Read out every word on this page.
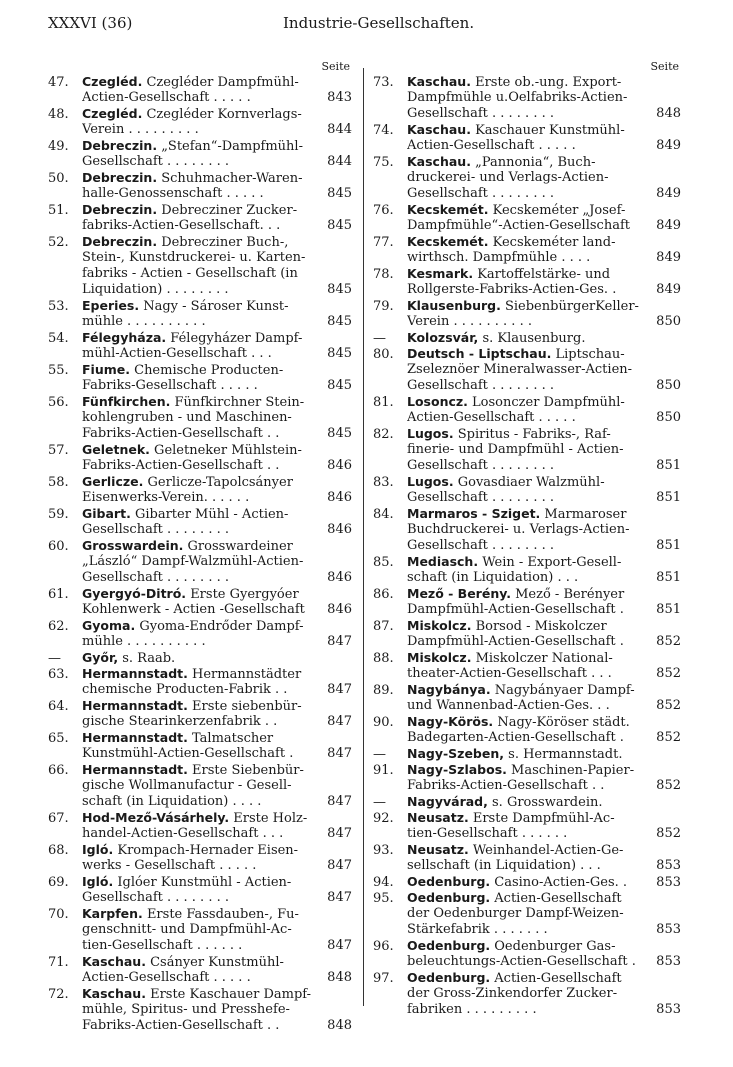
XXXVI (36)	Industrie-Gesellschaften.
Seite
47.	Czegléd. Czegléder Dampfmühl-
Actien-Gesellschaft . . . . .	843
48.	Czegléd. Czegléder Kornverlags-
Verein . . . . . . . . .	844
49.	Debreczin. „Stefan“-Dampfmühl-
Gesellschaft . . . . . . . .	844
50.	Debreczin. Schuhmacher-Waren-
halle-Genossenschaft . . . . .	845
51.	Debreczin. Debrecziner Zucker-
fabriks-Actien-Gesellschaft. . .	845
52.	Debreczin. Debrecziner Buch-,
Stein-, Kunstdruckerei- u. Karten-
fabriks - Actien - Gesellschaft (in
Liquidation) . . . . . . . .	845
53.	Eperies. Nagy - Sároser Kunst-
mühle . . . . . . . . . .	845
54.	Félegyháza. Félegyházer Dampf-
mühl-Actien-Gesellschaft . . .	845
55.	Fiume. Chemische Producten-
Fabriks-Gesellschaft . . . . .	845
56.	Fünfkirchen. Fünfkirchner Stein-
kohlengruben - und Maschinen-
Fabriks-Actien-Gesellschaft . .	845
57.	Geletnek. Geletneker Mühlstein-
Fabriks-Actien-Gesellschaft . .	846
58.	Gerlicze. Gerlicze-Tapolcsányer
Eisenwerks-Verein. . . . . .	846
59.	Gibart. Gibarter Mühl - Actien-
Gesellschaft . . . . . . . .	846
60.	Grosswardein. Grosswardeiner
„László“ Dampf-Walzmühl-Actien-
Gesellschaft . . . . . . . .	846
61.	Gyergyó-Ditró. Erste Gyergyóer
Kohlenwerk - Actien -Gesellschaft	846
62.	Gyoma. Gyoma-Endrőder Dampf-
mühle . . . . . . . . . .	847
—	Győr, s. Raab.
63.	Hermannstadt. Hermannstädter
chemische Producten-Fabrik . .	847
64.	Hermannstadt. Erste siebenbür-
gische Stearinkerzenfabrik . .	847
65.	Hermannstadt. Talmatscher
Kunstmühl-Actien-Gesellschaft .	847
66.	Hermannstadt. Erste Siebenbür-
gische Wollmanufactur - Gesell-
schaft (in Liquidation) . . . .	847
67.	Hod-Mező-Vásárhely. Erste Holz-
handel-Actien-Gesellschaft . . .	847
68.	Igló. Krompach-Hernader Eisen-
werks - Gesellschaft . . . . .	847
69.	Igló. Iglóer Kunstmühl - Actien-
Gesellschaft . . . . . . . .	847
70.	Karpfen. Erste Fassdauben-, Fu-
genschnitt- und Dampfmühl-Ac-
tien-Gesellschaft . . . . . .	847
71.	Kaschau. Csányer Kunstmühl-
Actien-Gesellschaft . . . . .	848
72.	Kaschau. Erste Kaschauer Dampf-
mühle, Spiritus- und Presshefe-
Fabriks-Actien-Gesellschaft . .	848
Seite
73.	Kaschau. Erste ob.-ung. Export-
Dampfmühle u.Oelfabriks-Actien-
Gesellschaft . . . . . . . .	848
74.	Kaschau. Kaschauer Kunstmühl-
Actien-Gesellschaft . . . . .	849
75.	Kaschau. „Pannonia“, Buch-
druckerei- und Verlags-Actien-
Gesellschaft . . . . . . . .	849
76.	Kecskemét. Kecskeméter „Josef-
Dampfmühle“-Actien-Gesellschaft	849
77.	Kecskemét. Kecskeméter land-
wirthsch. Dampfmühle . . . .	849
78.	Kesmark. Kartoffelstärke- und
Rollgerste-Fabriks-Actien-Ges. .	849
79.	Klausenburg. SiebenbürgerKeller-
Verein . . . . . . . . . .	850
—	Kolozsvár, s. Klausenburg.
80.	Deutsch - Liptschau. Liptschau-
Zseleznöer Mineralwasser-Actien-
Gesellschaft . . . . . . . .	850
81.	Losoncz. Losonczer Dampfmühl-
Actien-Gesellschaft . . . . .	850
82.	Lugos. Spiritus - Fabriks-, Raf-
finerie- und Dampfmühl - Actien-
Gesellschaft . . . . . . . .	851
83.	Lugos. Govasdiaer Walzmühl-
Gesellschaft . . . . . . . .	851
84.	Marmaros - Sziget. Marmaroser
Buchdruckerei- u. Verlags-Actien-
Gesellschaft . . . . . . . .	851
85.	Mediasch. Wein - Export-Gesell-
schaft (in Liquidation) . . .	851
86.	Mező - Berény. Mező - Berényer
Dampfmühl-Actien-Gesellschaft .	851
87.	Miskolcz. Borsod - Miskolczer
Dampfmühl-Actien-Gesellschaft .	852
88.	Miskolcz. Miskolczer National-
theater-Actien-Gesellschaft . . .	852
89.	Nagybánya. Nagybányaer Dampf-
und Wannenbad-Actien-Ges. . .	852
90.	Nagy-Körös. Nagy-Köröser städt.
Badegarten-Actien-Gesellschaft .	852
—	Nagy-Szeben, s. Hermannstadt.
91.	Nagy-Szlabos. Maschinen-Papier-
Fabriks-Actien-Gesellschaft . .	852
—	Nagyvárad, s. Grosswardein.
92.	Neusatz. Erste Dampfmühl-Ac-
tien-Gesellschaft . . . . . .	852
93.	Neusatz. Weinhandel-Actien-Ge-
sellschaft (in Liquidation) . . .	853
94.	Oedenburg. Casino-Actien-Ges. .	853
95.	Oedenburg. Actien-Gesellschaft
der Oedenburger Dampf-Weizen-
Stärkefabrik . . . . . . .	853
96.	Oedenburg. Oedenburger Gas-
beleuchtungs-Actien-Gesellschaft .	853
97.	Oedenburg. Actien-Gesellschaft
der Gross-Zinkendorfer Zucker-
fabriken . . . . . . . . .	853
